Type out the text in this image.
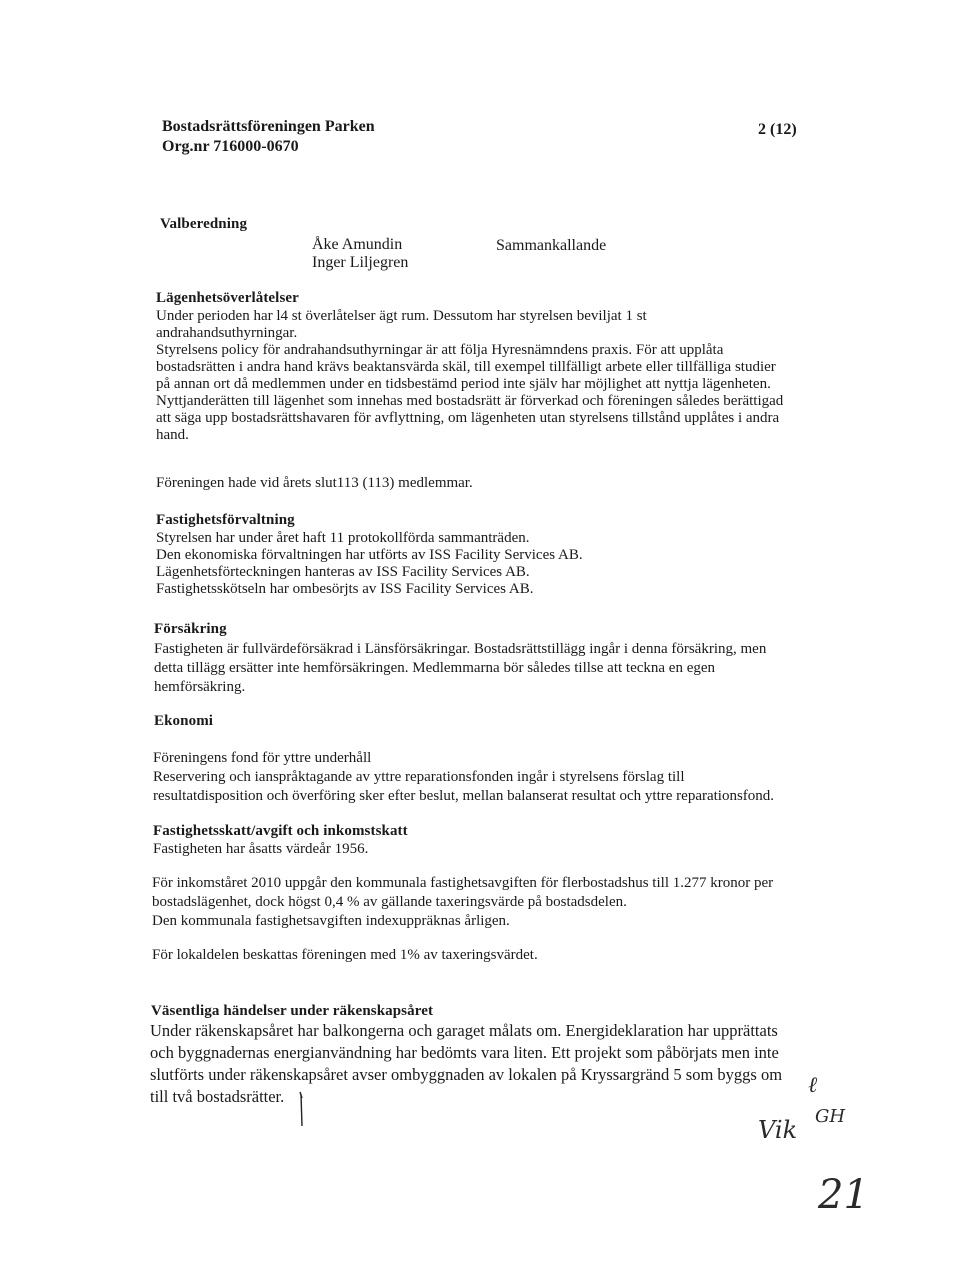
Bostadsrättsföreningen Parken
Org.nr 716000-0670
2 (12)
Valberedning
Åke Amundin
Inger Liljegren
Sammankallande
Lägenhetsöverlåtelser
Under perioden har l4 st överlåtelser ägt rum. Dessutom har styrelsen beviljat 1 st
andrahandsuthyrningar.
Styrelsens policy för andrahandsuthyrningar är att följa Hyresnämndens praxis. För att upplåta
bostadsrätten i andra hand krävs beaktansvärda skäl, till exempel tillfälligt arbete eller tillfälliga studier
på annan ort då medlemmen under en tidsbestämd period inte själv har möjlighet att nyttja lägenheten.
Nyttjanderätten till lägenhet som innehas med bostadsrätt är förverkad och föreningen således berättigad
att säga upp bostadsrättshavaren för avflyttning, om lägenheten utan styrelsens tillstånd upplåtes i andra
hand.
Föreningen hade vid årets slut113 (113) medlemmar.
Fastighetsförvaltning
Styrelsen har under året haft 11 protokollförda sammanträden.
Den ekonomiska förvaltningen har utförts av ISS Facility Services AB.
Lägenhetsförteckningen hanteras av ISS Facility Services AB.
Fastighetsskötseln har ombesörjts av ISS Facility Services AB.
Försäkring
Fastigheten är fullvärdeförsäkrad i Länsförsäkringar. Bostadsrättstillägg ingår i denna försäkring, men
detta tillägg ersätter inte hemförsäkringen. Medlemmarna bör således tillse att teckna en egen
hemförsäkring.
Ekonomi
Föreningens fond för yttre underhåll
Reservering och ianspråktagande av yttre reparationsfonden ingår i styrelsens förslag till
resultatdisposition och överföring sker efter beslut, mellan balanserat resultat och yttre reparationsfond.
Fastighetsskatt/avgift och inkomstskatt
Fastigheten har åsatts värdeår 1956.
För inkomståret 2010 uppgår den kommunala fastighetsavgiften för flerbostadshus till 1.277 kronor per
bostadslägenhet, dock högst 0,4 % av gällande taxeringsvärde på bostadsdelen.
Den kommunala fastighetsavgiften indexuppräknas årligen.
För lokaldelen beskattas föreningen med 1% av taxeringsvärdet.
Väsentliga händelser under räkenskapsåret
Under räkenskapsåret har balkongerna och garaget målats om. Energideklaration har upprättats
och byggnadernas energianvändning har bedömts vara liten. Ett projekt som påbörjats men inte
slutförts under räkenskapsåret avser ombyggnaden av lokalen på Kryssargränd 5 som byggs om
till två bostadsrätter.	ℓ
Vik GH
21
